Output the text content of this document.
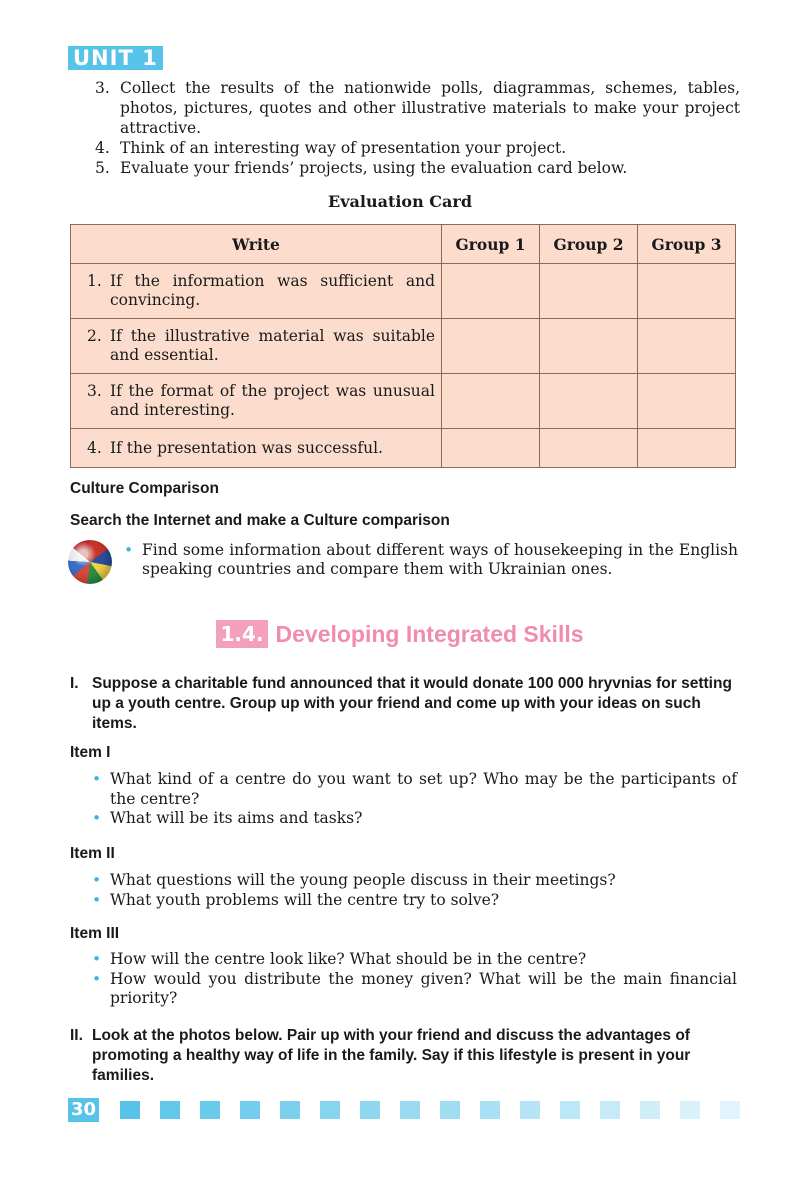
UNIT 1
3. Collect the results of the nationwide polls, diagrammas, schemes, tables, photos, pictures, quotes and other illustrative materials to make your project attractive.
4. Think of an interesting way of presentation your project.
5. Evaluate your friends’ projects, using the evaluation card below.
Evaluation Card
Write	Group 1	Group 2	Group 3

1. If the information was sufficient and convincing.			

2. If the illustrative material was suitable and essential.			

3. If the format of the project was unusual and interesting.			

4. If the presentation was successful.			

Culture Comparison
Search the Internet and make a Culture comparison
• Find some information about different ways of housekeeping in the English speaking countries and compare them with Ukrainian ones.
1.4. Developing Integrated Skills
I. Suppose a charitable fund announced that it would donate 100 000 hryvnias for setting up a youth centre. Group up with your friend and come up with your ideas on such items.
Item I
• What kind of a centre do you want to set up? Who may be the participants of the centre?
• What will be its aims and tasks?
Item II
• What questions will the young people discuss in their meetings?
• What youth problems will the centre try to solve?
Item III
• How will the centre look like? What should be in the centre?
• How would you distribute the money given? What will be the main financial priority?
II. Look at the photos below. Pair up with your friend and discuss the advantages of promoting a healthy way of life in the family. Say if this lifestyle is present in your families.
30
